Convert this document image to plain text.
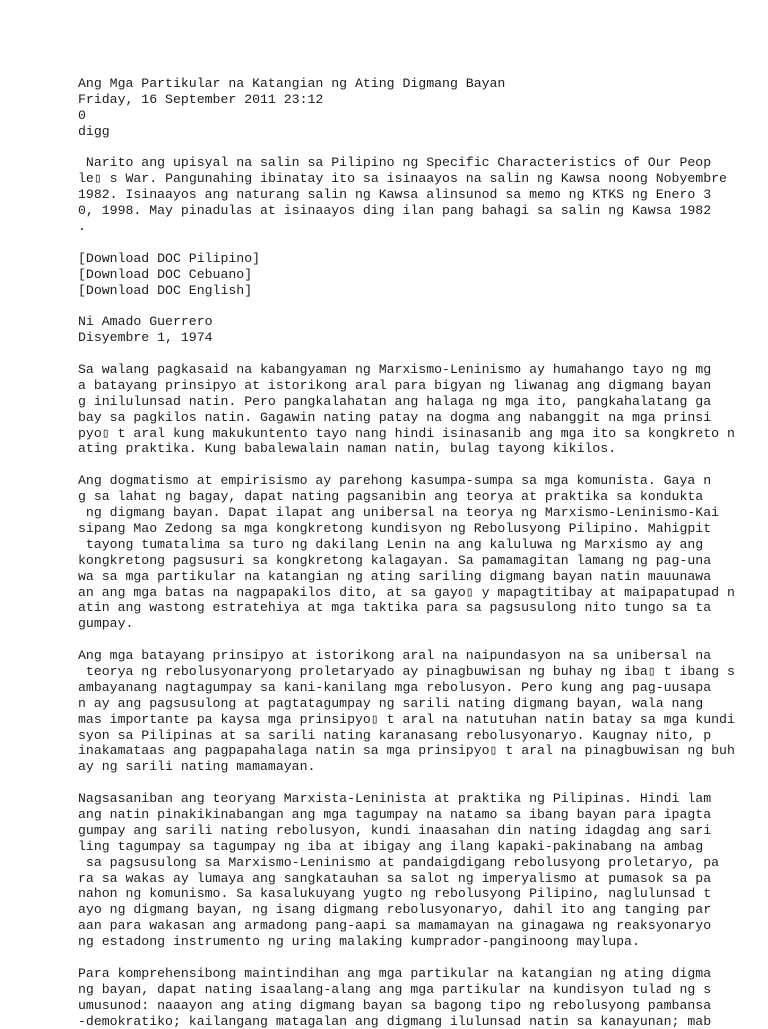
Ang Mga Partikular na Katangian ng Ating Digmang Bayan
Friday, 16 September 2011 23:12
0
digg
Narito ang upisyal na salin sa Pilipino ng Specific Characteristics of Our Peop
le▯ s War. Pangunahing ibinatay ito sa isinaayos na salin ng Kawsa noong Nobyembre
1982. Isinaayos ang naturang salin ng Kawsa alinsunod sa memo ng KTKS ng Enero 3
0, 1998. May pinadulas at isinaayos ding ilan pang bahagi sa salin ng Kawsa 1982
.
[Download DOC Pilipino]
[Download DOC Cebuano]
[Download DOC English]
Ni Amado Guerrero
Disyembre 1, 1974
Sa walang pagkasaid na kabangyaman ng Marxismo-Leninismo ay humahango tayo ng mg
a batayang prinsipyo at istorikong aral para bigyan ng liwanag ang digmang bayan
g inilulunsad natin. Pero pangkalahatan ang halaga ng mga ito, pangkahalatang ga
bay sa pagkilos natin. Gagawin nating patay na dogma ang nabanggit na mga prinsi
pyo▯ t aral kung makukuntento tayo nang hindi isinasanib ang mga ito sa kongkreto n
ating praktika. Kung babalewalain naman natin, bulag tayong kikilos.
Ang dogmatismo at empirisismo ay parehong kasumpa-sumpa sa mga komunista. Gaya n
g sa lahat ng bagay, dapat nating pagsanibin ang teorya at praktika sa kondukta
ng digmang bayan. Dapat ilapat ang unibersal na teorya ng Marxismo-Leninismo-Kai
sipang Mao Zedong sa mga kongkretong kundisyon ng Rebolusyong Pilipino. Mahigpit
tayong tumatalima sa turo ng dakilang Lenin na ang kaluluwa ng Marxismo ay ang
kongkretong pagsusuri sa kongkretong kalagayan. Sa pamamagitan lamang ng pag-una
wa sa mga partikular na katangian ng ating sariling digmang bayan natin mauunawa
an ang mga batas na nagpapakilos dito, at sa gayo▯ y mapagtitibay at maipapatupad n
atin ang wastong estratehiya at mga taktika para sa pagsusulong nito tungo sa ta
gumpay.
Ang mga batayang prinsipyo at istorikong aral na naipundasyon na sa unibersal na
teorya ng rebolusyonaryong proletaryado ay pinagbuwisan ng buhay ng iba▯ t ibang s
ambayanang nagtagumpay sa kani-kanilang mga rebolusyon. Pero kung ang pag-uusapa
n ay ang pagsusulong at pagtatagumpay ng sarili nating digmang bayan, wala nang
mas importante pa kaysa mga prinsipyo▯ t aral na natutuhan natin batay sa mga kundi
syon sa Pilipinas at sa sarili nating karanasang rebolusyonaryo. Kaugnay nito, p
inakamataas ang pagpapahalaga natin sa mga prinsipyo▯ t aral na pinagbuwisan ng buh
ay ng sarili nating mamamayan.
Nagsasaniban ang teoryang Marxista-Leninista at praktika ng Pilipinas. Hindi lam
ang natin pinakikinabangan ang mga tagumpay na natamo sa ibang bayan para ipagta
gumpay ang sarili nating rebolusyon, kundi inaasahan din nating idagdag ang sari
ling tagumpay sa tagumpay ng iba at ibigay ang ilang kapaki-pakinabang na ambag
sa pagsusulong sa Marxismo-Leninismo at pandaigdigang rebolusyong proletaryo, pa
ra sa wakas ay lumaya ang sangkatauhan sa salot ng imperyalismo at pumasok sa pa
nahon ng komunismo. Sa kasalukuyang yugto ng rebolusyong Pilipino, naglulunsad t
ayo ng digmang bayan, ng isang digmang rebolusyonaryo, dahil ito ang tanging par
aan para wakasan ang armadong pang-aapi sa mamamayan na ginagawa ng reaksyonaryo
ng estadong instrumento ng uring malaking kumprador-panginoong maylupa.
Para komprehensibong maintindihan ang mga partikular na katangian ng ating digma
ng bayan, dapat nating isaalang-alang ang mga partikular na kundisyon tulad ng s
umusunod: naaayon ang ating digmang bayan sa bagong tipo ng rebolusyong pambansa
-demokratiko; kailangang matagalan ang digmang ilulunsad natin sa kanayunan; mab
